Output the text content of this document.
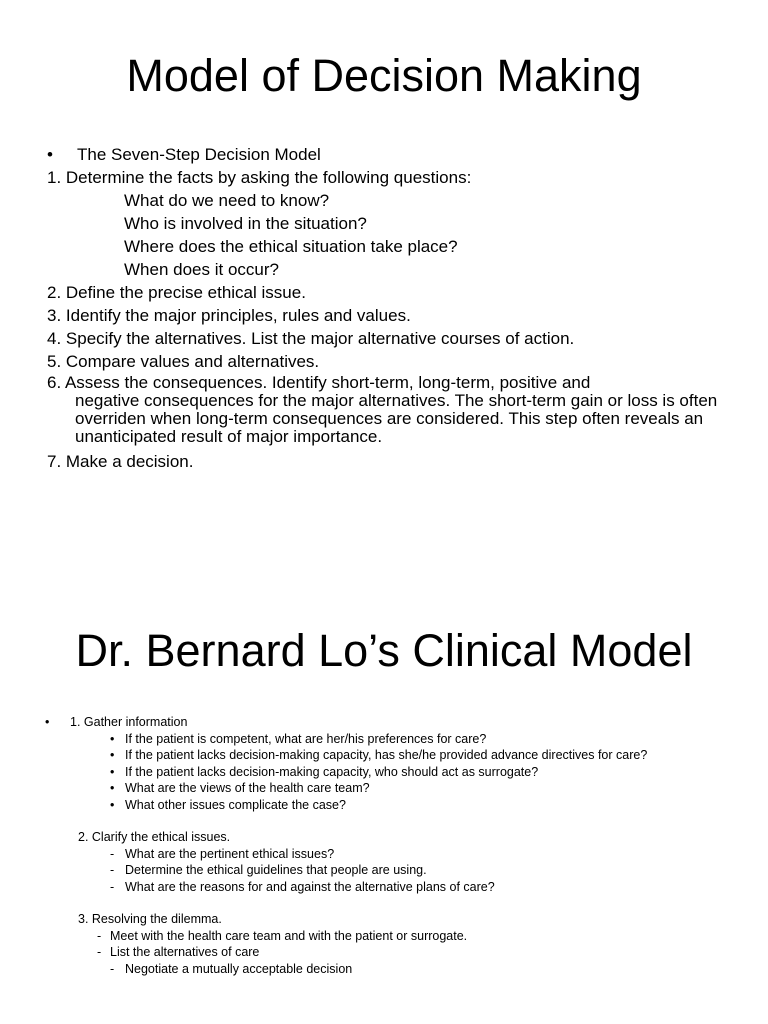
Model of Decision Making
• The Seven-Step Decision Model
1. Determine the facts by asking the following questions:
What do we need to know?
Who is involved in the situation?
Where does the ethical situation take place?
When does it occur?
2. Define the precise ethical issue.
3. Identify the major principles, rules and values.
4. Specify the alternatives. List the major alternative courses of action.
5. Compare values and alternatives.
6. Assess the consequences. Identify short-term, long-term, positive and
negative consequences for the major alternatives. The short-term gain or loss is often overriden when long-term consequences are considered. This step often reveals an unanticipated result of major importance.
7. Make a decision.
Dr. Bernard Lo’s Clinical Model
• 1. Gather information
• If the patient is competent, what are her/his preferences for care?
• If the patient lacks decision-making capacity, has she/he provided advance directives for care?
• If the patient lacks decision-making capacity, who should act as surrogate?
• What are the views of the health care team?
• What other issues complicate the case?
2. Clarify the ethical issues.
- What are the pertinent ethical issues?
- Determine the ethical guidelines that people are using.
- What are the reasons for and against the alternative plans of care?
3. Resolving the dilemma.
- Meet with the health care team and with the patient or surrogate.
- List the alternatives of care
- Negotiate a mutually acceptable decision
